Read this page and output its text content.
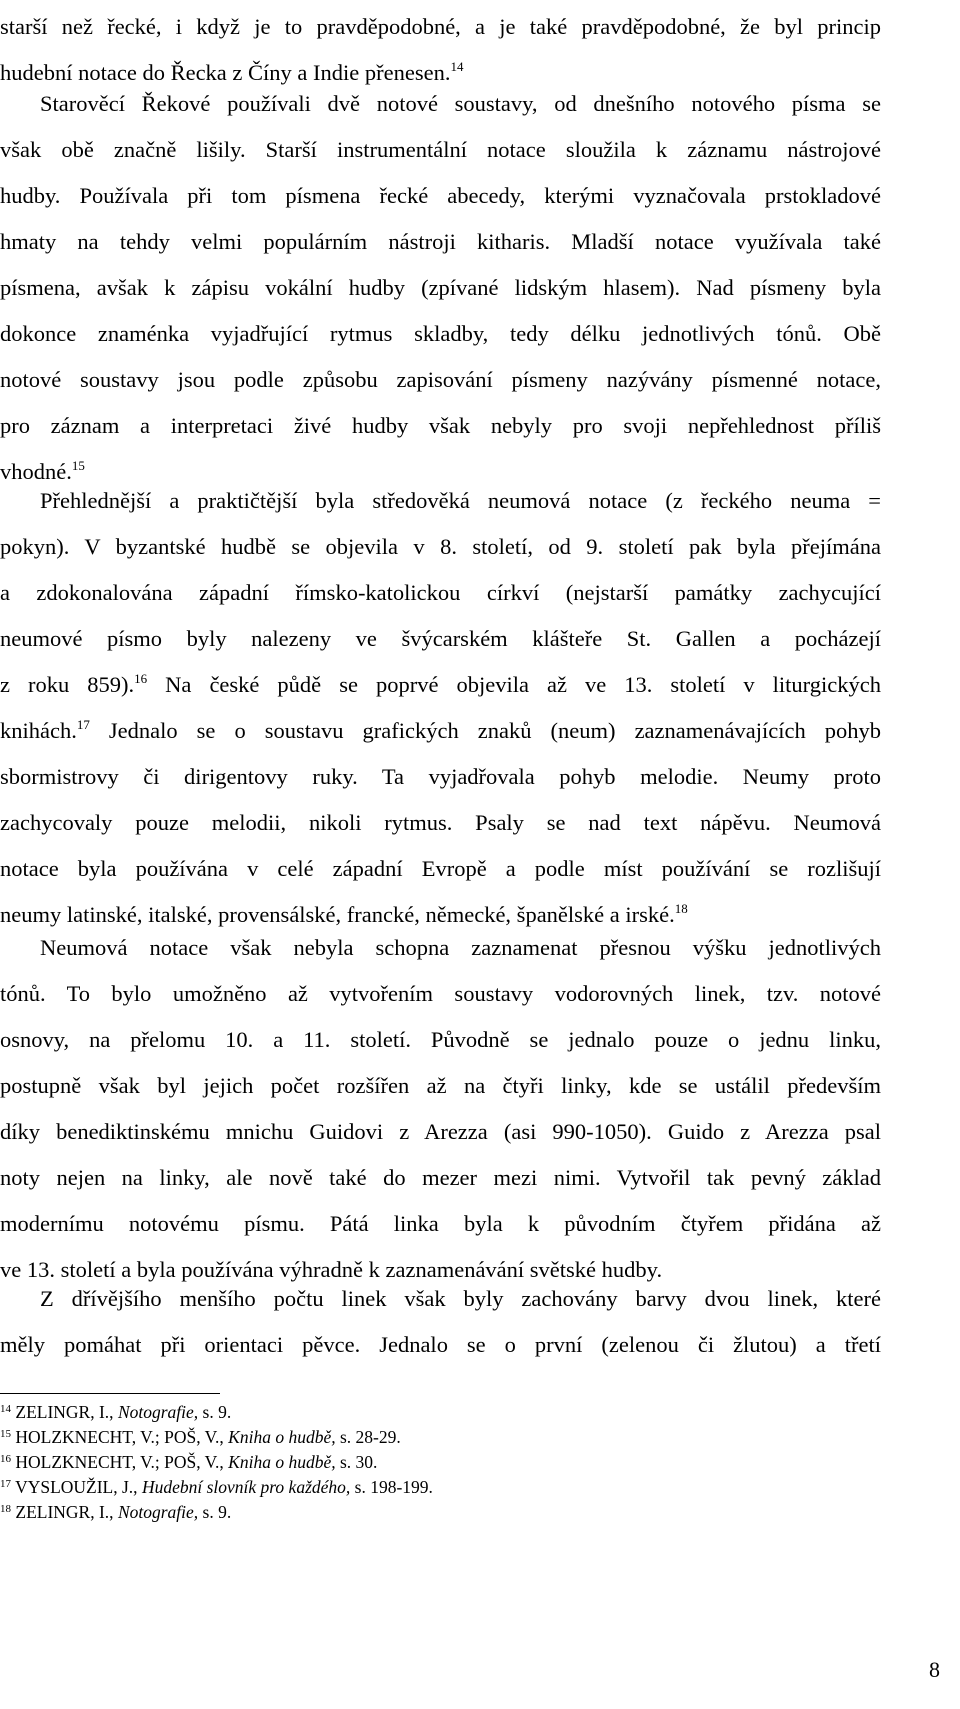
starší než řecké, i když je to pravděpodobné, a je také pravděpodobné, že byl princip
hudební notace do Řecka z Číny a Indie přenesen.$^{14}$
Starověcí Řekové používali dvě notové soustavy, od dnešního notového písma se
však obě značně lišily. Starší instrumentální notace sloužila k záznamu nástrojové
hudby. Používala při tom písmena řecké abecedy, kterými vyznačovala prstokladové
hmaty na tehdy velmi populárním nástroji kitharis. Mladší notace využívala také
písmena, avšak k zápisu vokální hudby (zpívané lidským hlasem). Nad písmeny byla
dokonce znaménka vyjadřující rytmus skladby, tedy délku jednotlivých tónů. Obě
notové soustavy jsou podle způsobu zapisování písmeny nazývány písmenné notace,
pro záznam a interpretaci živé hudby však nebyly pro svoji nepřehlednost příliš
vhodné.$^{15}$
Přehlednější a praktičtější byla středověká neumová notace (z řeckého neuma =
pokyn). V byzantské hudbě se objevila v 8. století, od 9. století pak byla přejímána
a zdokonalována západní římsko-katolickou církví (nejstarší památky zachycující
neumové písmo byly nalezeny ve švýcarském klášteře St. Gallen a pocházejí
z roku 859).$^{16}$ Na české půdě se poprvé objevila až ve 13. století v liturgických
knihách.$^{17}$ Jednalo se o soustavu grafických znaků (neum) zaznamenávajících pohyb
sbormistrovy či dirigentovy ruky. Ta vyjadřovala pohyb melodie. Neumy proto
zachycovaly pouze melodii, nikoli rytmus. Psaly se nad text nápěvu. Neumová
notace byla používána v celé západní Evropě a podle míst používání se rozlišují
neumy latinské, italské, provensálské, francké, německé, španělské a irské.$^{18}$
Neumová notace však nebyla schopna zaznamenat přesnou výšku jednotlivých
tónů. To bylo umožněno až vytvořením soustavy vodorovných linek, tzv. notové
osnovy, na přelomu 10. a 11. století. Původně se jednalo pouze o jednu linku,
postupně však byl jejich počet rozšířen až na čtyři linky, kde se ustálil především
díky benediktinskému mnichu Guidovi z Arezza (asi 990-1050). Guido z Arezza psal
noty nejen na linky, ale nově také do mezer mezi nimi. Vytvořil tak pevný základ
modernímu notovému písmu. Pátá linka byla k původním čtyřem přidána až
ve 13. století a byla používána výhradně k zaznamenávání světské hudby.
Z dřívějšího menšího počtu linek však byly zachovány barvy dvou linek, které
měly pomáhat při orientaci pěvce. Jednalo se o první (zelenou či žlutou) a třetí
$^{14}$ ZELINGR, I., Notografie, s. 9.
$^{15}$ HOLZKNECHT, V.; POŠ, V., Kniha o hudbě, s. 28-29.
$^{16}$ HOLZKNECHT, V.; POŠ, V., Kniha o hudbě, s. 30.
$^{17}$ VYSLOUŽIL, J., Hudební slovník pro každého, s. 198-199.
$^{18}$ ZELINGR, I., Notografie, s. 9.
8
